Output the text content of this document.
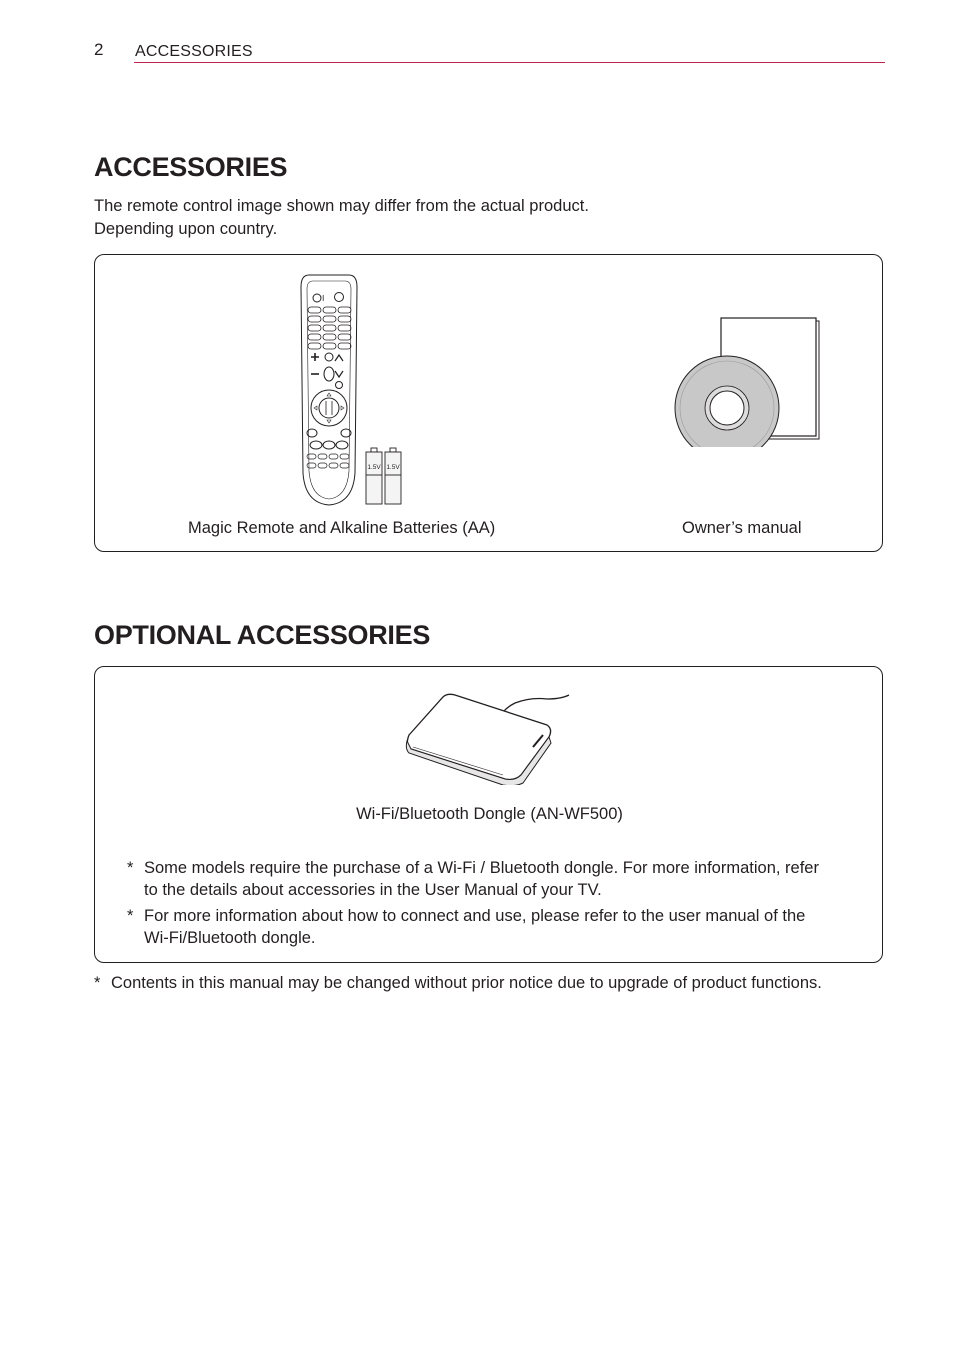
2 ACCESSORIES
ACCESSORIES
The remote control image shown may differ from the actual product.
Depending upon country.
I
1.5V 1.5V
Magic Remote and Alkaline Batteries (AA)	Owner’s manual
OPTIONAL ACCESSORIES
Wi-Fi/Bluetooth Dongle (AN-WF500)
* Some models require the purchase of a Wi-Fi / Bluetooth dongle. For more information, refer
to the details about accessories in the User Manual of your TV.
* For more information about how to connect and use, please refer to the user manual of the
Wi-Fi/Bluetooth dongle.
* Contents in this manual may be changed without prior notice due to upgrade of product functions.
